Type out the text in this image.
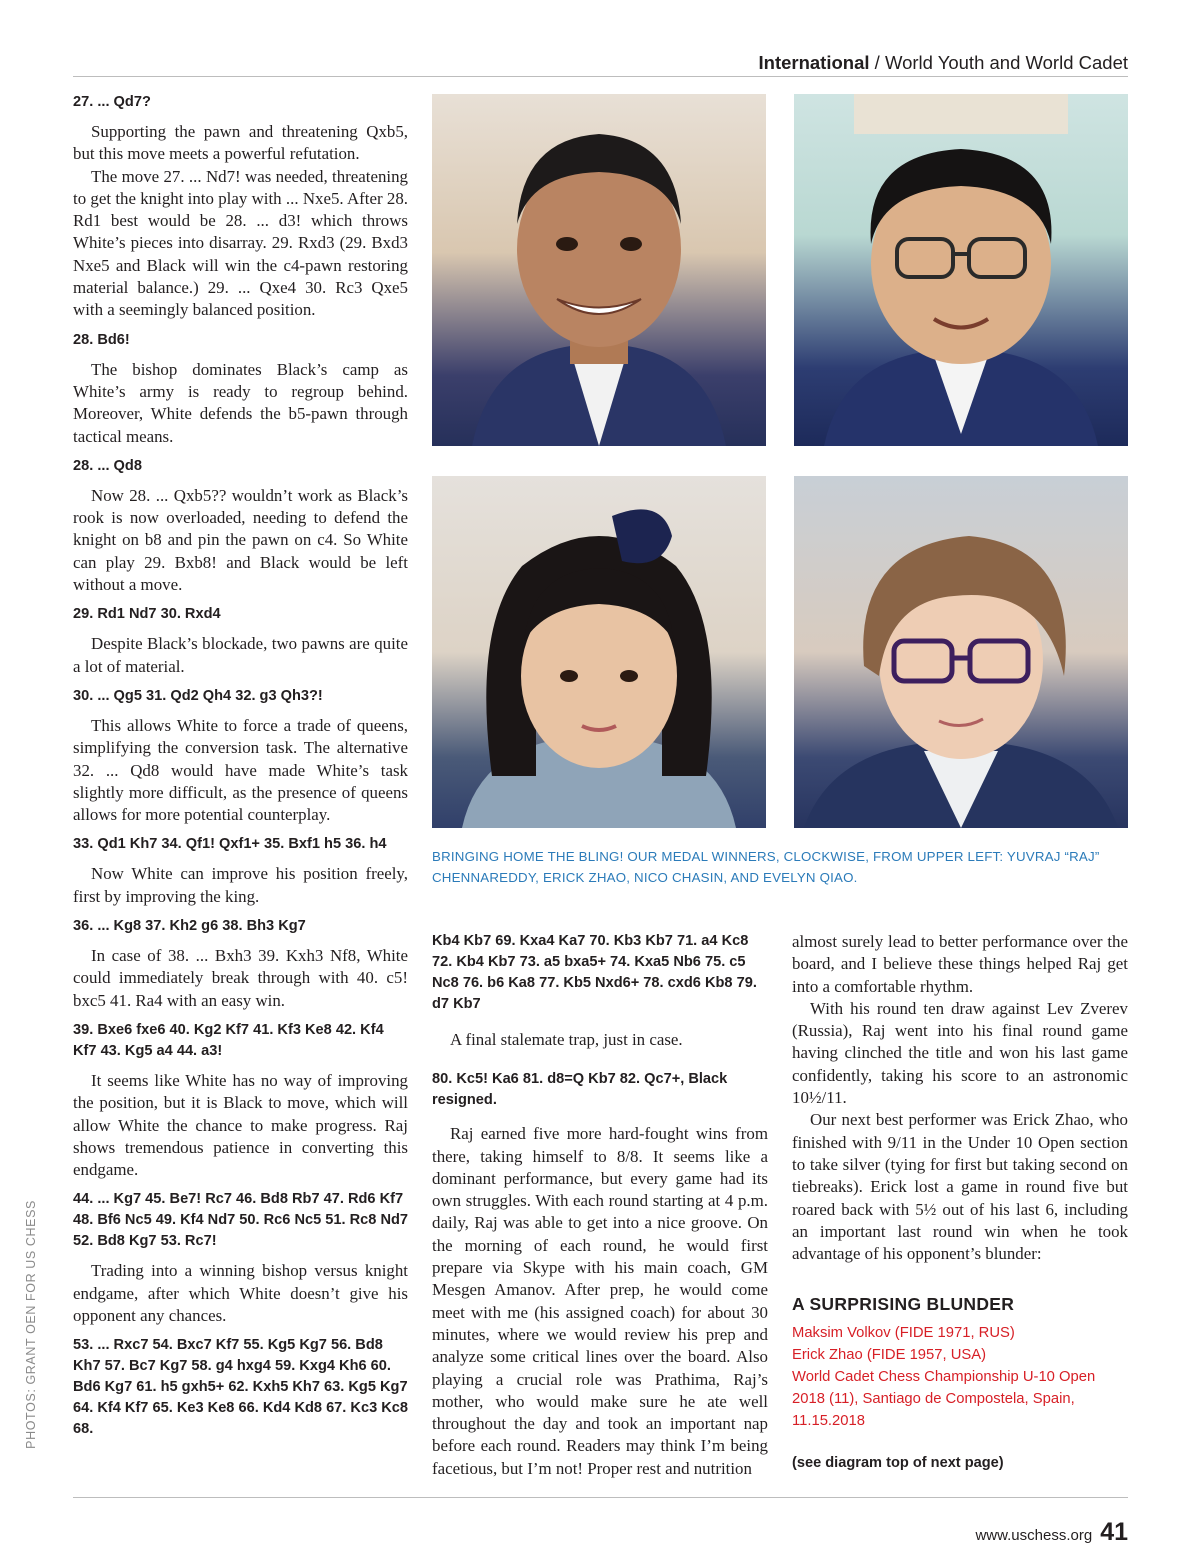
International / World Youth and World Cadet
PHOTOS: GRANT OEN FOR US CHESS

27. ... Qd7?

Supporting the pawn and threatening Qxb5, but this move meets a powerful refutation.

The move 27. ... Nd7! was needed, threatening to get the knight into play with ... Nxe5. After 28. Rd1 best would be 28. ... d3! which throws White’s pieces into disarray. 29. Rxd3 (29. Bxd3 Nxe5 and Black will win the c4-pawn restoring material balance.) 29. ... Qxe4 30. Rc3 Qxe5 with a seemingly balanced position.

28. Bd6!

The bishop dominates Black’s camp as White’s army is ready to regroup behind. Moreover, White defends the b5-pawn through tactical means.

28. ... Qd8

Now 28. ... Qxb5?? wouldn’t work as Black’s rook is now overloaded, needing to defend the knight on b8 and pin the pawn on c4. So White can play 29. Bxb8! and Black would be left without a move.

29. Rd1 Nd7 30. Rxd4

Despite Black’s blockade, two pawns are quite a lot of material.

30. ... Qg5 31. Qd2 Qh4 32. g3 Qh3?!

This allows White to force a trade of queens, simplifying the conversion task. The alternative 32. ... Qd8 would have made White’s task slightly more difficult, as the presence of queens allows for more potential counterplay.

33. Qd1 Kh7 34. Qf1! Qxf1+ 35. Bxf1 h5 36. h4

Now White can improve his position freely, first by improving the king.

36. ... Kg8 37. Kh2 g6 38. Bh3 Kg7

In case of 38. ... Bxh3 39. Kxh3 Nf8, White could immediately break through with 40. c5! bxc5 41. Ra4 with an easy win.

39. Bxe6 fxe6 40. Kg2 Kf7 41. Kf3 Ke8 42. Kf4 Kf7 43. Kg5 a4 44. a3!

It seems like White has no way of improving the position, but it is Black to move, which will allow White the chance to make progress. Raj shows tremendous patience in converting this endgame.

44. ... Kg7 45. Be7! Rc7 46. Bd8 Rb7 47. Rd6 Kf7 48. Bf6 Nc5 49. Kf4 Nd7 50. Rc6 Nc5 51. Rc8 Nd7 52. Bd8 Kg7 53. Rc7!

Trading into a winning bishop versus knight endgame, after which White doesn’t give his opponent any chances.

53. ... Rxc7 54. Bxc7 Kf7 55. Kg5 Kg7 56. Bd8 Kh7 57. Bc7 Kg7 58. g4 hxg4 59. Kxg4 Kh6 60. Bd6 Kg7 61. h5 gxh5+ 62. Kxh5 Kh7 63. Kg5 Kg7 64. Kf4 Kf7 65. Ke3 Ke8 66. Kd4 Kd8 67. Kc3 Kc8 68.

BRINGING HOME THE BLING! OUR MEDAL WINNERS, CLOCKWISE, FROM UPPER LEFT: YUVRAJ “RAJ” CHENNAREDDY, ERICK ZHAO, NICO CHASIN, AND EVELYN QIAO.

Kb4 Kb7 69. Kxa4 Ka7 70. Kb3 Kb7 71. a4 Kc8 72. Kb4 Kb7 73. a5 bxa5+ 74. Kxa5 Nb6 75. c5 Nc8 76. b6 Ka8 77. Kb5 Nxd6+ 78. cxd6 Kb8 79. d7 Kb7

A final stalemate trap, just in case.

80. Kc5! Ka6 81. d8=Q Kb7 82. Qc7+, Black resigned.

Raj earned five more hard-fought wins from there, taking himself to 8/8. It seems like a dominant performance, but every game had its own struggles. With each round starting at 4 p.m. daily, Raj was able to get into a nice groove. On the morning of each round, he would first prepare via Skype with his main coach, GM Mesgen Amanov. After prep, he would come meet with me (his assigned coach) for about 30 minutes, where we would review his prep and analyze some critical lines over the board. Also playing a crucial role was Prathima, Raj’s mother, who would make sure he ate well throughout the day and took an important nap before each round. Readers may think I’m being facetious, but I’m not! Proper rest and nutrition

almost surely lead to better performance over the board, and I believe these things helped Raj get into a comfortable rhythm.

With his round ten draw against Lev Zverev (Russia), Raj went into his final round game having clinched the title and won his last game confidently, taking his score to an astronomic 10½/11.

Our next best performer was Erick Zhao, who finished with 9/11 in the Under 10 Open section to take silver (tying for first but taking second on tiebreaks). Erick lost a game in round five but roared back with 5½ out of his last 6, including an important last round win when he took advantage of his opponent’s blunder:

A SURPRISING BLUNDER
Maksim Volkov (FIDE 1971, RUS)
Erick Zhao (FIDE 1957, USA)
World Cadet Chess Championship U-10 Open 2018 (11), Santiago de Compostela, Spain, 11.15.2018
(see diagram top of next page)
www.uschess.org 41
